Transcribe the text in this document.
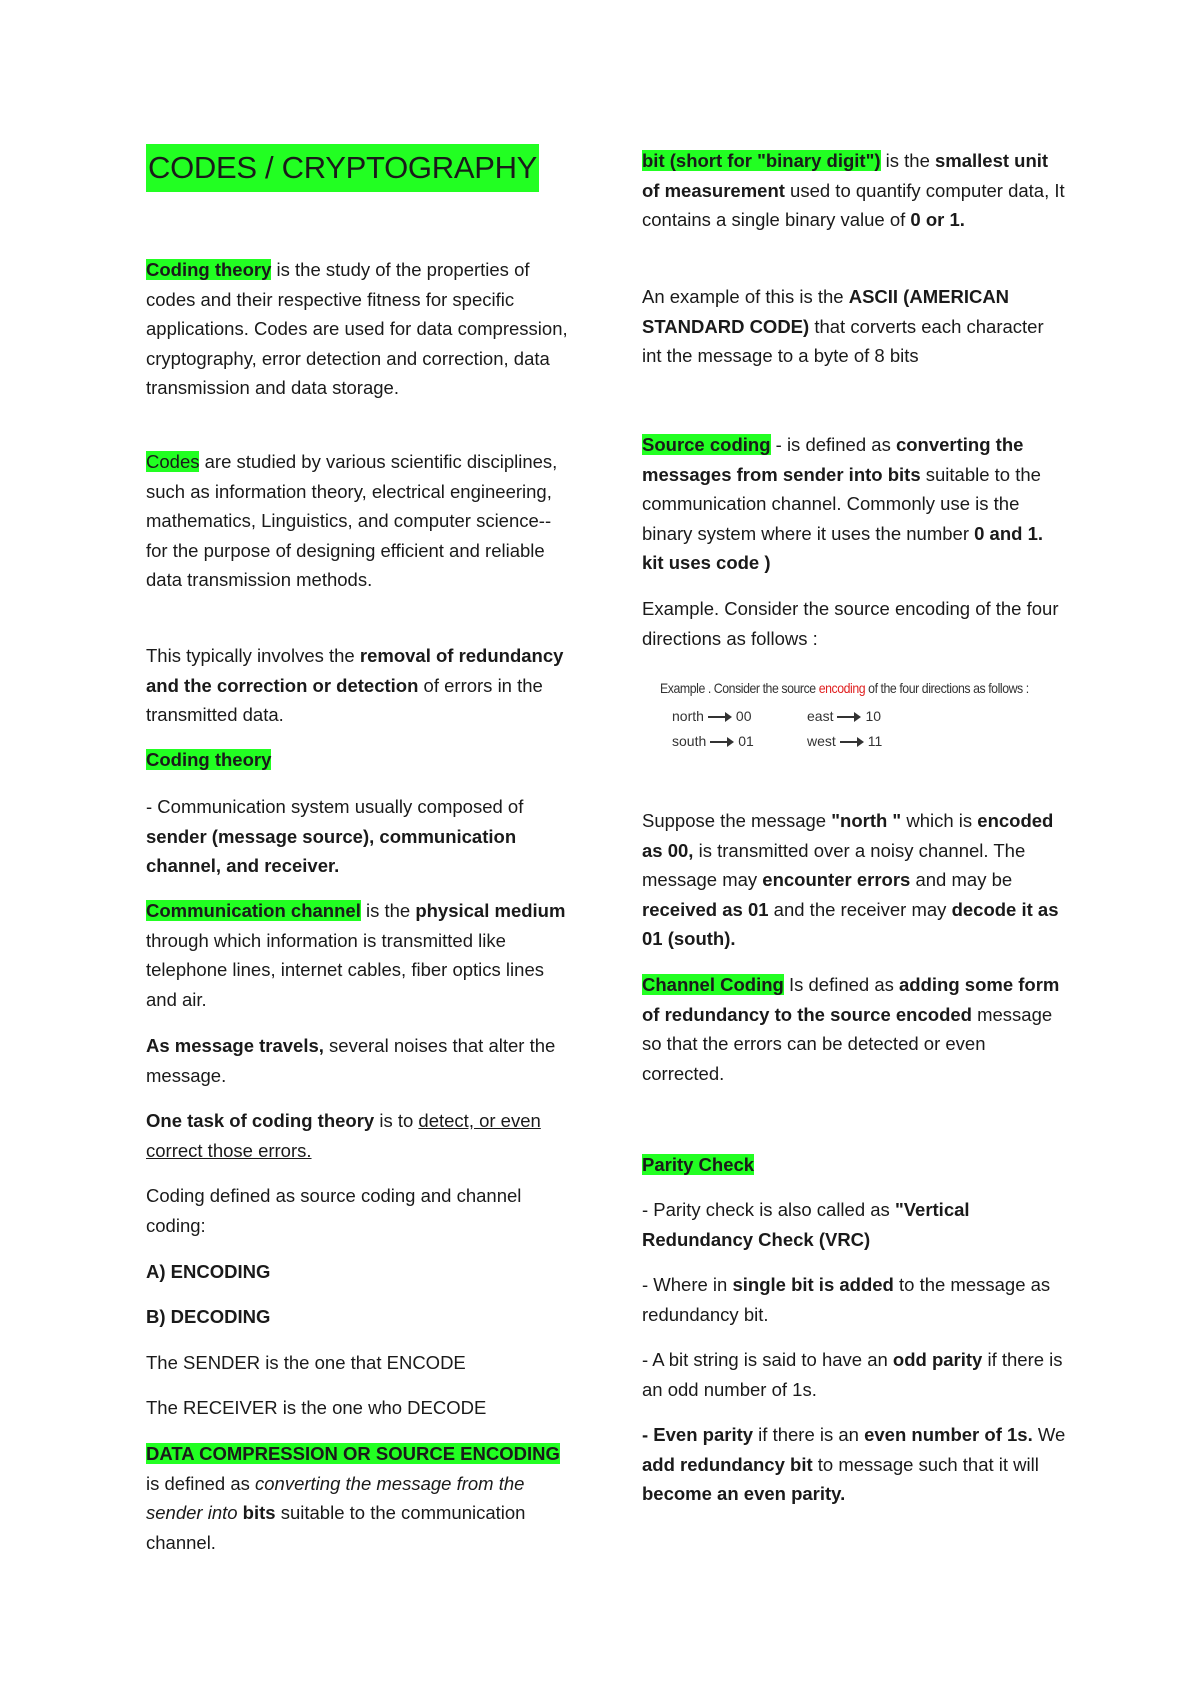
CODES / CRYPTOGRAPHY
Coding theory is the study of the properties of codes and their respective fitness for specific applications. Codes are used for data compression, cryptography, error detection and correction, data transmission and data storage.
Codes are studied by various scientific disciplines, such as information theory, electrical engineering, mathematics, Linguistics, and computer science--for the purpose of designing efficient and reliable data transmission methods.
This typically involves the removal of redundancy and the correction or detection of errors in the transmitted data.
Coding theory
- Communication system usually composed of sender (message source), communication channel, and receiver.
Communication channel is the physical medium through which information is transmitted like telephone lines, internet cables, fiber optics lines and air.
As message travels, several noises that alter the message.
One task of coding theory is to detect, or even correct those errors.
Coding defined as source coding and channel coding:
A) ENCODING
B) DECODING
The SENDER is the one that ENCODE
The RECEIVER is the one who DECODE
DATA COMPRESSION OR SOURCE ENCODING
is defined as converting the message from the sender into bits suitable to the communication channel.
bit (short for "binary digit") is the smallest unit of measurement used to quantify computer data, It contains a single binary value of 0 or 1.
An example of this is the ASCII (AMERICAN STANDARD CODE) that corverts each character int the message to a byte of 8 bits
Source coding - is defined as converting the messages from sender into bits suitable to the communication channel. Commonly use is the binary system where it uses the number 0 and 1. kit uses code )
Example. Consider the source encoding of the four directions as follows :
Example . Consider the source encoding of the four directions as follows :
north 00	east 10
south 01	west 11
Suppose the message "north " which is encoded as 00, is transmitted over a noisy channel. The message may encounter errors and may be received as 01 and the receiver may decode it as 01 (south).
Channel Coding Is defined as adding some form of redundancy to the source encoded message so that the errors can be detected or even corrected.
Parity Check
- Parity check is also called as "Vertical Redundancy Check (VRC)
- Where in single bit is added to the message as redundancy bit.
- A bit string is said to have an odd parity if there is an odd number of 1s.
- Even parity if there is an even number of 1s. We add redundancy bit to message such that it will become an even parity.
